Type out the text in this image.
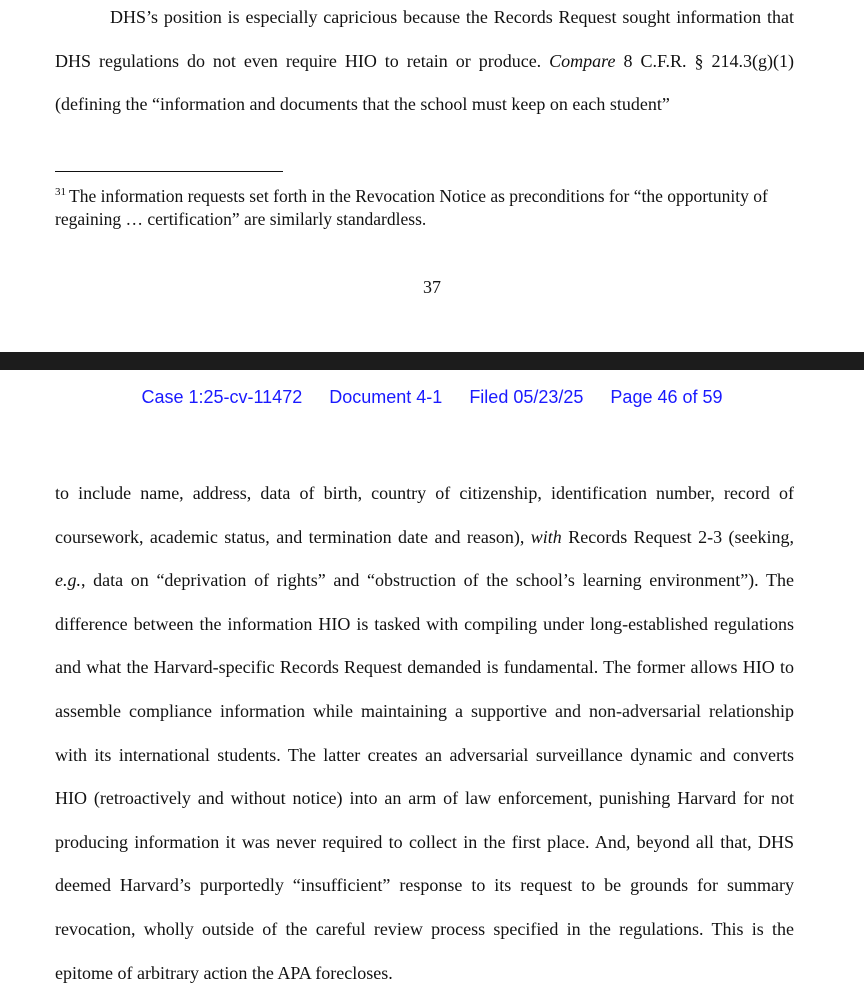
DHS’s position is especially capricious because the Records Request sought information that DHS regulations do not even require HIO to retain or produce. Compare 8 C.F.R. § 214.3(g)(1) (defining the “information and documents that the school must keep on each student”

$^{31}$ The information requests set forth in the Revocation Notice as preconditions for “the opportunity of regaining … certification” are similarly standardless.

37
Case 1:25-cv-11472 Document 4-1 Filed 05/23/25 Page 46 of 59

to include name, address, data of birth, country of citizenship, identification number, record of coursework, academic status, and termination date and reason), with Records Request 2-3 (seeking, e.g., data on “deprivation of rights” and “obstruction of the school’s learning environment”). The difference between the information HIO is tasked with compiling under long-established regulations and what the Harvard-specific Records Request demanded is fundamental. The former allows HIO to assemble compliance information while maintaining a supportive and non-adversarial relationship with its international students. The latter creates an adversarial surveillance dynamic and converts HIO (retroactively and without notice) into an arm of law enforcement, punishing Harvard for not producing information it was never required to collect in the first place. And, beyond all that, DHS deemed Harvard’s purportedly “insufficient” response to its request to be grounds for summary revocation, wholly outside of the careful review process specified in the regulations. This is the epitome of arbitrary action the APA forecloses.
